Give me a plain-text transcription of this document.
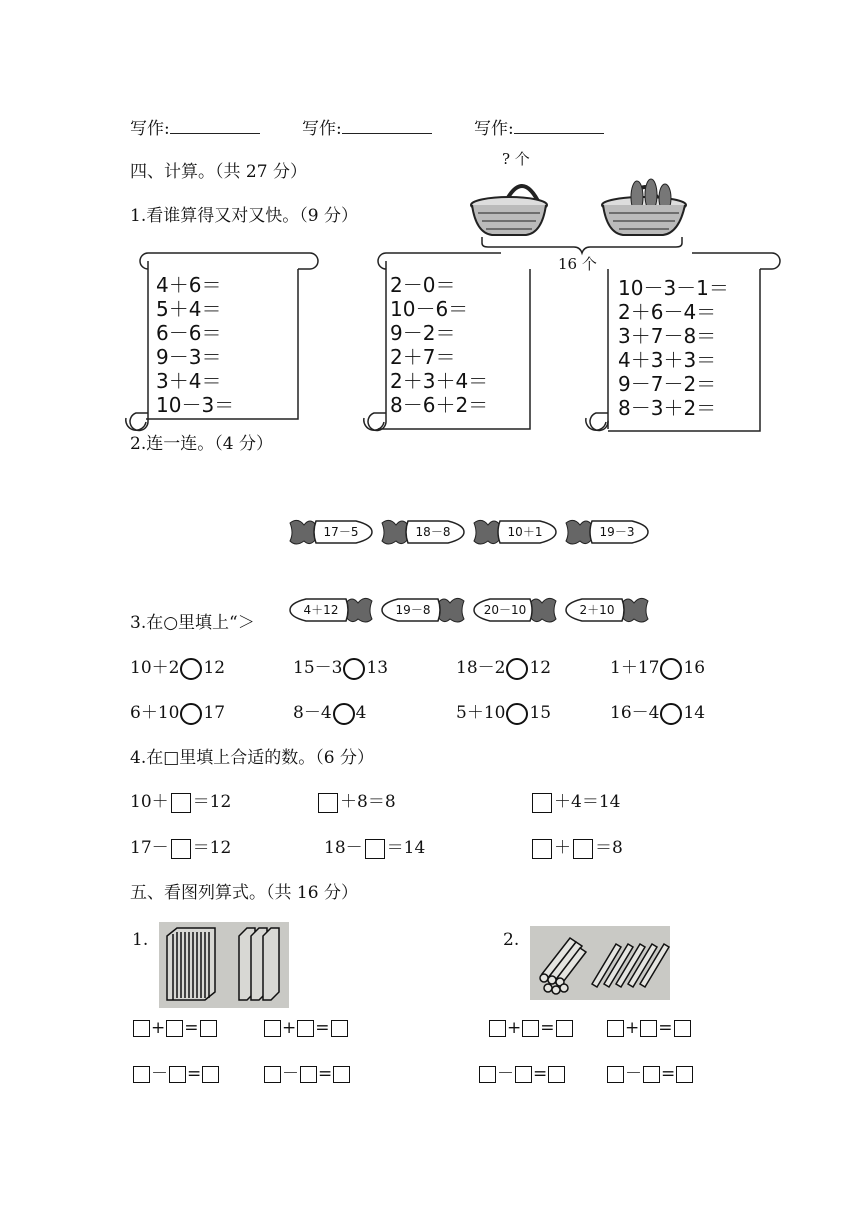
写作:	写作:	写作:
四、计算。（共 27 分）
1.看谁算得又对又快。（9 分）
? 个
16 个
4＋6＝
5＋4＝
6－6＝
9－3＝
3＋4＝
10－3＝
2－0＝
10－6＝
9－2＝
2＋7＝
2＋3＋4＝
8－6＋2＝
10－3－1＝
2＋6－4＝
3＋7－8＝
4＋3＋3＝
9－7－2＝
8－3＋2＝
2.连一连。（4 分）
17－5	18－8	10＋1	19－3
4＋12	19－8	20－10	2＋10
3.在○里填上“＞
10＋2 12	15－3 13	18－2 12	1＋17 16
6＋10 17	8－4 4	5＋10 15	16－4 14
4.在□里填上合适的数。（6 分）
10＋ ＝12	＋8＝8	＋4＝14
17－ ＝12	18－ ＝14	＋ ＝8
五、看图列算式。（共 16 分）
1.	2.
+ =	+ =	+ =	+ =
－ =	－ =	－ =	－ =
